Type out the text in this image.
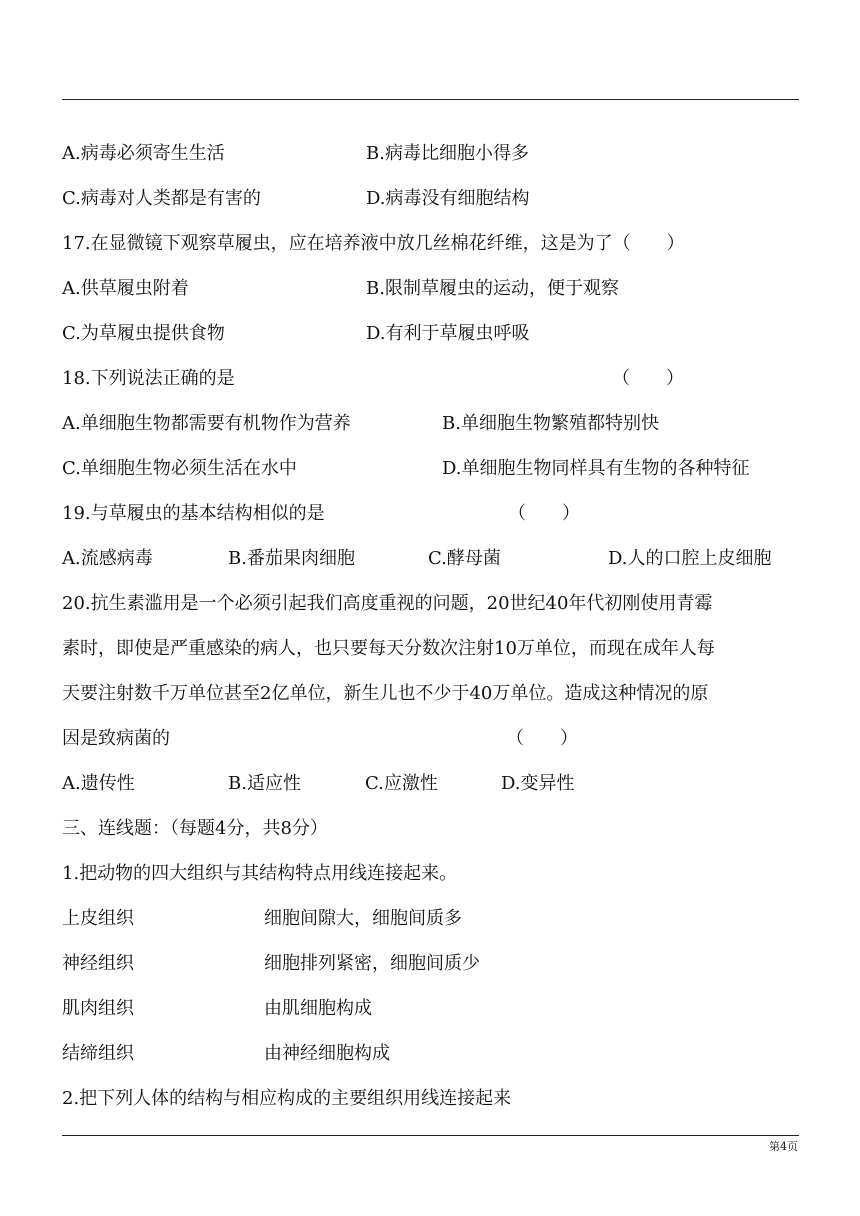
A.病毒必须寄生生活	B.病毒比细胞小得多
C.病毒对人类都是有害的	D.病毒没有细胞结构
17.在显微镜下观察草履虫，应在培养液中放几丝棉花纤维，这是为了（　　）
A.供草履虫附着	B.限制草履虫的运动，便于观察
C.为草履虫提供食物	D.有利于草履虫呼吸
18.下列说法正确的是	（　　）
A.单细胞生物都需要有机物作为营养	B.单细胞生物繁殖都特别快
C.单细胞生物必须生活在水中	D.单细胞生物同样具有生物的各种特征
19.与草履虫的基本结构相似的是	（　　）
A.流感病毒	B.番茄果肉细胞	C.酵母菌	D.人的口腔上皮细胞
20.抗生素滥用是一个必须引起我们高度重视的问题，20世纪40年代初刚使用青霉
素时，即使是严重感染的病人，也只要每天分数次注射10万单位，而现在成年人每
天要注射数千万单位甚至2亿单位，新生儿也不少于40万单位。造成这种情况的原
因是致病菌的	（　　）
A.遗传性	B.适应性	C.应激性	D.变异性
三、连线题：（每题4分，共8分）
1.把动物的四大组织与其结构特点用线连接起来。
上皮组织	细胞间隙大，细胞间质多
神经组织	细胞排列紧密，细胞间质少
肌肉组织	由肌细胞构成
结缔组织	由神经细胞构成
2.把下列人体的结构与相应构成的主要组织用线连接起来
第4页
